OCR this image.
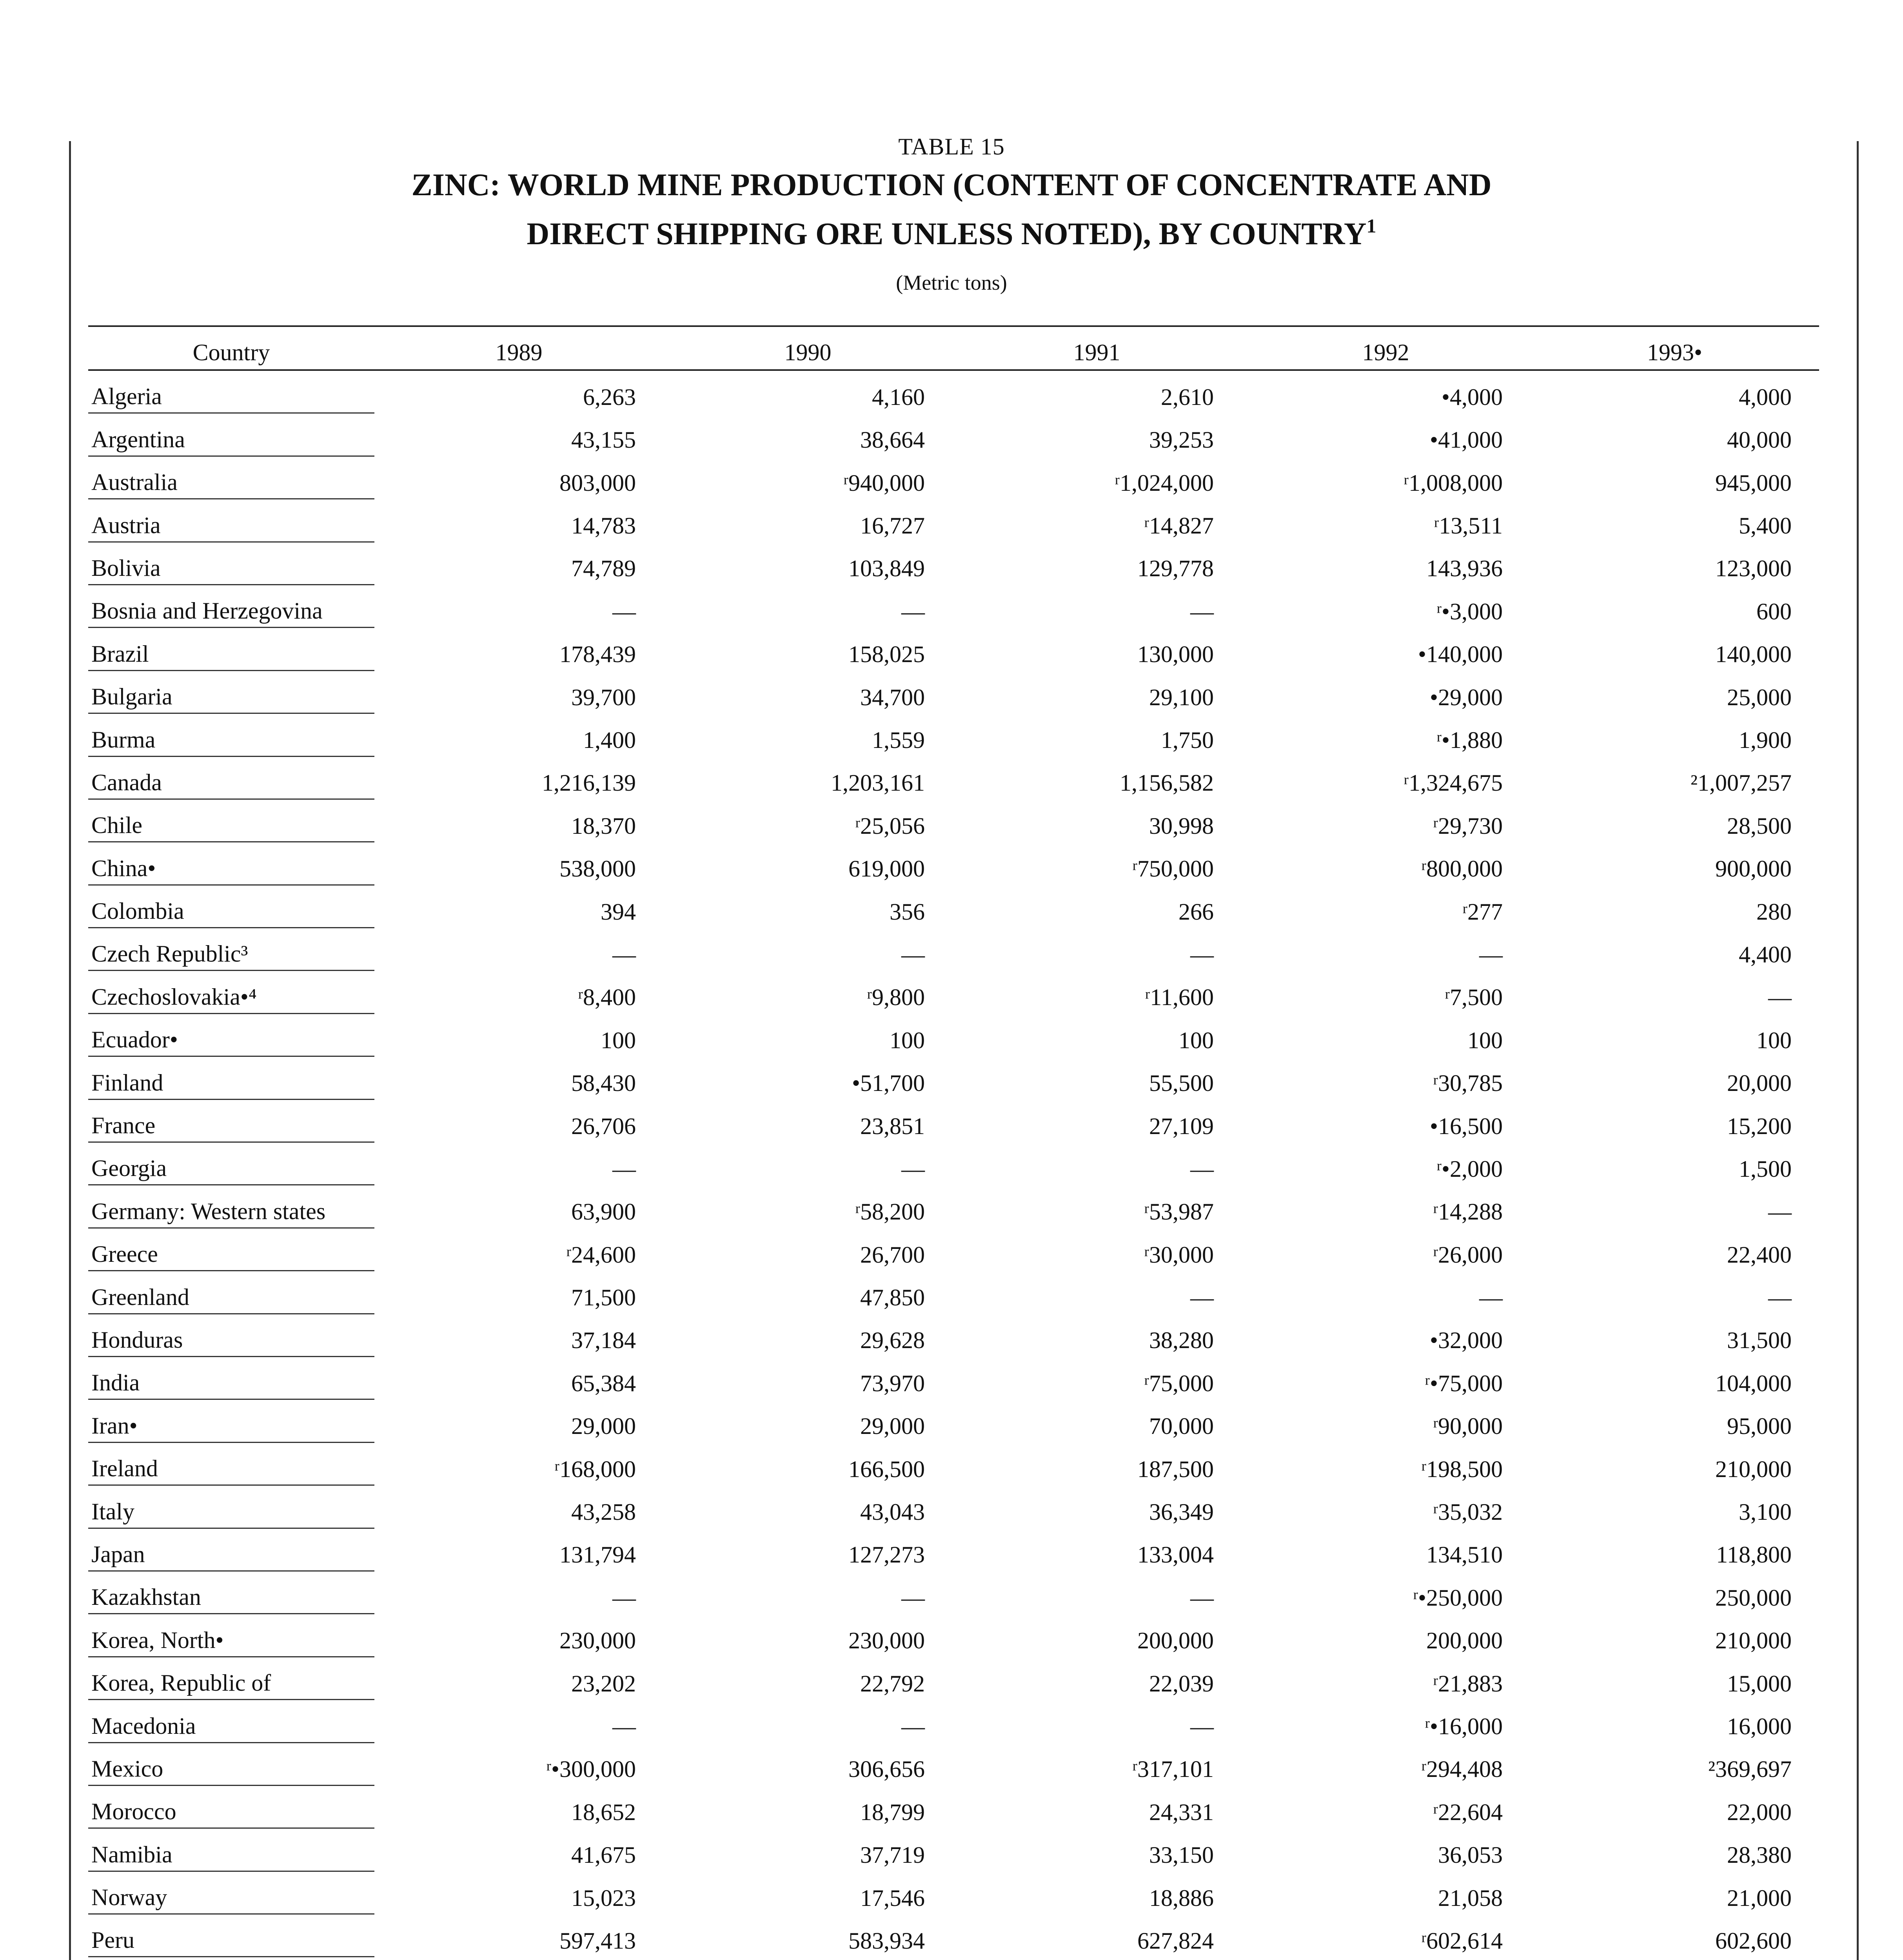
TABLE 15
ZINC: WORLD MINE PRODUCTION (CONTENT OF CONCENTRATE AND
DIRECT SHIPPING ORE UNLESS NOTED), BY COUNTRY$^1$
(Metric tons)
Country	1989	1990	1991	1992	1993•
Algeria	6,263	4,160	2,610	•4,000	4,000
Argentina	43,155	38,664	39,253	•41,000	40,000
Australia	803,000	ʳ940,000	ʳ1,024,000	ʳ1,008,000	945,000
Austria	14,783	16,727	ʳ14,827	ʳ13,511	5,400
Bolivia	74,789	103,849	129,778	143,936	123,000
Bosnia and Herzegovina	—	—	—	ʳ•3,000	600
Brazil	178,439	158,025	130,000	•140,000	140,000
Bulgaria	39,700	34,700	29,100	•29,000	25,000
Burma	1,400	1,559	1,750	ʳ•1,880	1,900
Canada	1,216,139	1,203,161	1,156,582	ʳ1,324,675	²1,007,257
Chile	18,370	ʳ25,056	30,998	ʳ29,730	28,500
China•	538,000	619,000	ʳ750,000	ʳ800,000	900,000
Colombia	394	356	266	ʳ277	280
Czech Republic³	—	—	—	—	4,400
Czechoslovakia•⁴	ʳ8,400	ʳ9,800	ʳ11,600	ʳ7,500	—
Ecuador•	100	100	100	100	100
Finland	58,430	•51,700	55,500	ʳ30,785	20,000
France	26,706	23,851	27,109	•16,500	15,200
Georgia	—	—	—	ʳ•2,000	1,500
Germany: Western states	63,900	ʳ58,200	ʳ53,987	ʳ14,288	—
Greece	ʳ24,600	26,700	ʳ30,000	ʳ26,000	22,400
Greenland	71,500	47,850	—	—	—
Honduras	37,184	29,628	38,280	•32,000	31,500
India	65,384	73,970	ʳ75,000	ʳ•75,000	104,000
Iran•	29,000	29,000	70,000	ʳ90,000	95,000
Ireland	ʳ168,000	166,500	187,500	ʳ198,500	210,000
Italy	43,258	43,043	36,349	ʳ35,032	3,100
Japan	131,794	127,273	133,004	134,510	118,800
Kazakhstan	—	—	—	ʳ•250,000	250,000
Korea, North•	230,000	230,000	200,000	200,000	210,000
Korea, Republic of	23,202	22,792	22,039	ʳ21,883	15,000
Macedonia	—	—	—	ʳ•16,000	16,000
Mexico	ʳ•300,000	306,656	ʳ317,101	ʳ294,408	²369,697
Morocco	18,652	18,799	24,331	ʳ22,604	22,000
Namibia	41,675	37,719	33,150	36,053	28,380
Norway	15,023	17,546	18,886	21,058	21,000
Peru	597,413	583,934	627,824	ʳ602,614	602,600
